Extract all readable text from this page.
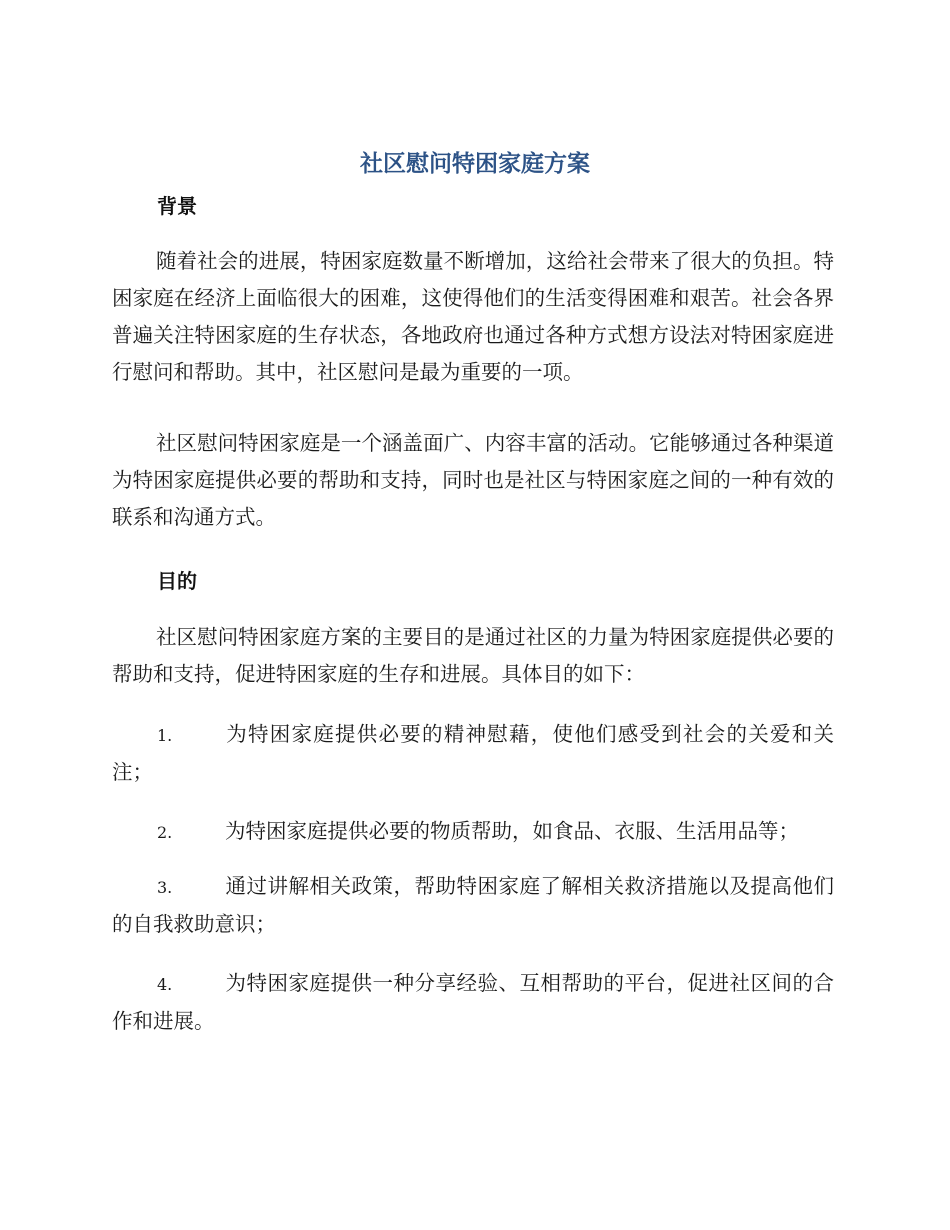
社区慰问特困家庭方案
背景

随着社会的进展，特困家庭数量不断增加，这给社会带来了很大的负担。特困家庭在经济上面临很大的困难，这使得他们的生活变得困难和艰苦。社会各界普遍关注特困家庭的生存状态，各地政府也通过各种方式想方设法对特困家庭进行慰问和帮助。其中，社区慰问是最为重要的一项。

社区慰问特困家庭是一个涵盖面广、内容丰富的活动。它能够通过各种渠道为特困家庭提供必要的帮助和支持，同时也是社区与特困家庭之间的一种有效的联系和沟通方式。

目的

社区慰问特困家庭方案的主要目的是通过社区的力量为特困家庭提供必要的帮助和支持，促进特困家庭的生存和进展。具体目的如下：

1.	为特困家庭提供必要的精神慰藉，使他们感受到社会的关爱和关注；

2.	为特困家庭提供必要的物质帮助，如食品、衣服、生活用品等；

3.	通过讲解相关政策，帮助特困家庭了解相关救济措施以及提高他们的自我救助意识；

4.	为特困家庭提供一种分享经验、互相帮助的平台，促进社区间的合作和进展。
